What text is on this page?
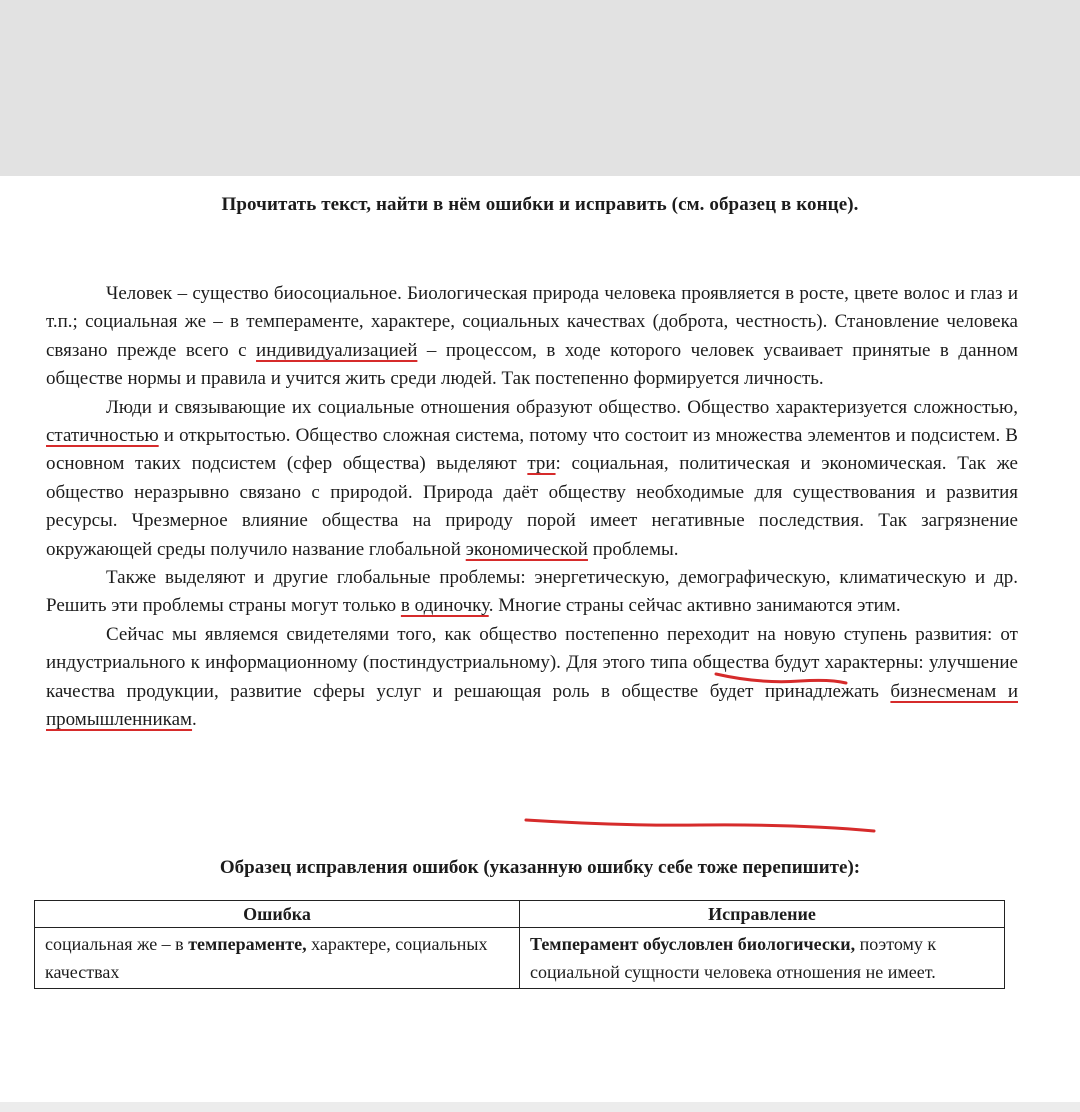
Прочитать текст, найти в нём ошибки и исправить (см. образец в конце).

Человек – существо биосоциальное. Биологическая природа человека проявляется в росте, цвете волос и глаз и т.п.; социальная же – в темпераменте, характере, социальных качествах (доброта, честность). Становление человека связано прежде всего с индивидуализацией – процессом, в ходе которого человек усваивает принятые в данном обществе нормы и правила и учится жить среди людей. Так постепенно формируется личность.

Люди и связывающие их социальные отношения образуют общество. Общество характеризуется сложностью, статичностью и открытостью. Общество сложная система, потому что состоит из множества элементов и подсистем. В основном таких подсистем (сфер общества) выделяют три: социальная, политическая и экономическая. Так же общество неразрывно связано с природой. Природа даёт обществу необходимые для существования и развития ресурсы. Чрезмерное влияние общества на природу порой имеет негативные последствия. Так загрязнение окружающей среды получило название глобальной экономической проблемы.

Также выделяют и другие глобальные проблемы: энергетическую, демографическую, климатическую и др. Решить эти проблемы страны могут только в одиночку. Многие страны сейчас активно занимаются этим.

Сейчас мы являемся свидетелями того, как общество постепенно переходит на новую ступень развития: от индустриального к информационному (постиндустриальному). Для этого типа общества будут характерны: улучшение качества продукции, развитие сферы услуг и решающая роль в обществе будет принадлежать бизнесменам и промышленникам.

Образец исправления ошибок (указанную ошибку себе тоже перепишите):
Ошибка	Исправление
социальная же – в темпераменте, характере, социальных качествах	Темперамент обусловлен биологически, поэтому к социальной сущности человека отношения не имеет.
